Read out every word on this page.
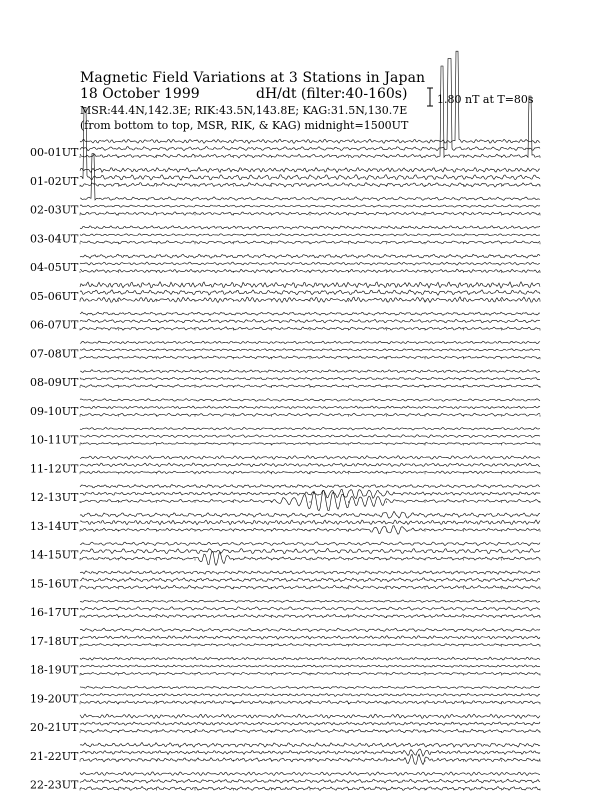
Magnetic Field Variations at 3 Stations in Japan
18 October 1999	dH/dt (filter:40-160s)
MSR:44.4N,142.3E; RIK:43.5N,143.8E; KAG:31.5N,130.7E
(from bottom to top, MSR, RIK, & KAG) midnight=1500UT
1.80 nT at T=80s
00-01UT
01-02UT
02-03UT
03-04UT
04-05UT
05-06UT
06-07UT
07-08UT
08-09UT
09-10UT
10-11UT
11-12UT
12-13UT
13-14UT
14-15UT
15-16UT
16-17UT
17-18UT
18-19UT
19-20UT
20-21UT
21-22UT
22-23UT
